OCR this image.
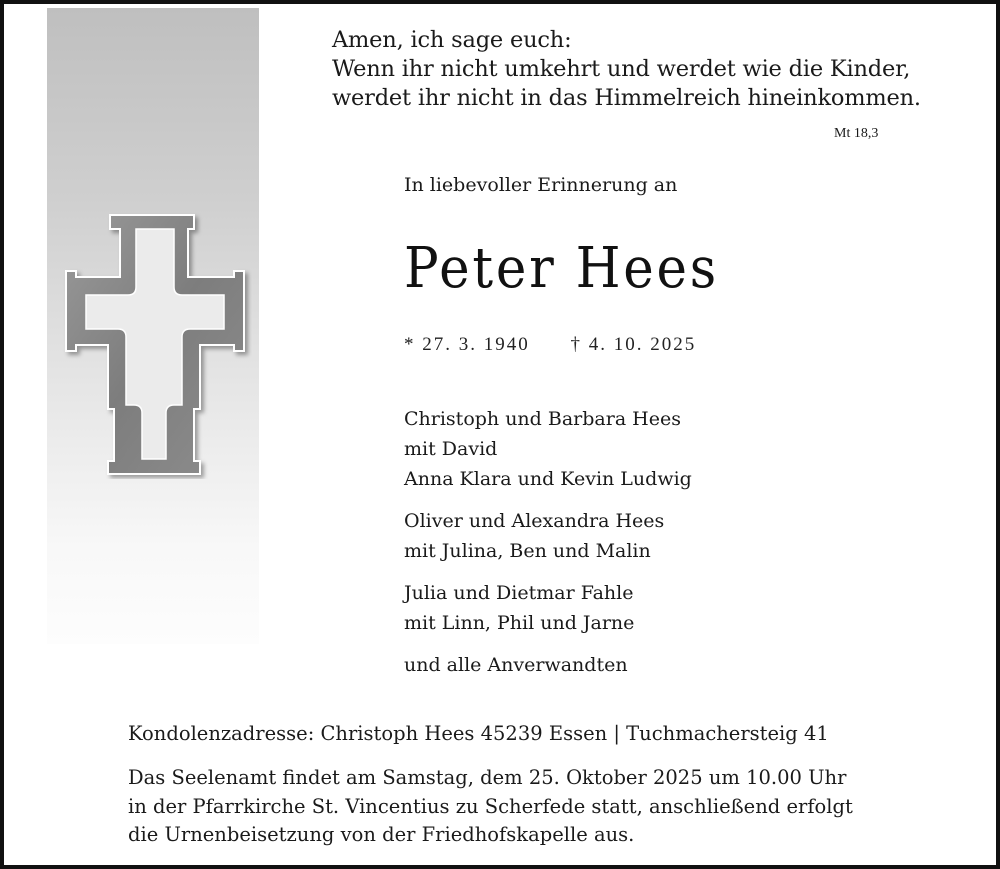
Amen, ich sage euch:
Wenn ihr nicht umkehrt und werdet wie die Kinder,
werdet ihr nicht in das Himmelreich hineinkommen.
Mt 18,3
In liebevoller Erinnerung an
Peter Hees
* 27. 3. 1940 † 4. 10. 2025
Christoph und Barbara Hees
mit David
Anna Klara und Kevin Ludwig
Oliver und Alexandra Hees
mit Julina, Ben und Malin
Julia und Dietmar Fahle
mit Linn, Phil und Jarne
und alle Anverwandten
Kondolenzadresse: Christoph Hees 45239 Essen | Tuchmachersteig 41
Das Seelenamt findet am Samstag, dem 25. Oktober 2025 um 10.00 Uhr
in der Pfarrkirche St. Vincentius zu Scherfede statt, anschließend erfolgt
die Urnenbeisetzung von der Friedhofskapelle aus.
